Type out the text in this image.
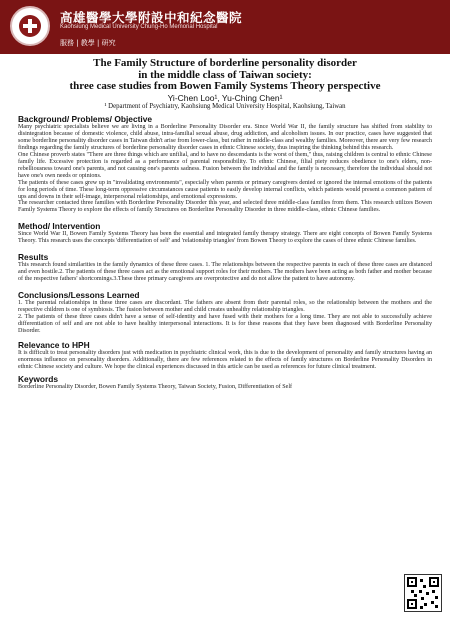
高雄醫學大學附設中和紀念醫院
Kaohsiung Medical University Chung-Ho Memorial Hospital
服務 | 教學 | 研究
The Family Structure of borderline personality disorder
in the middle class of Taiwan society:
three case studies from Bowen Family Systems Theory perspective
Yi-Chen Loo¹, Yu-Ching Chen¹
¹ Department of Psychiatry, Kaohsiung Medical University Hospital, Kaohsiung, Taiwan
Background/ Problems/ Objective

Many psychiatric specialists believe we are living in a Borderline Personality Disorder era. Since World War II, the family structure has shifted from stability to disintegration because of domestic violence, child abuse, intra-familial sexual abuse, drug addiction, and alcoholism issues. In our practice, cases have suggested that some borderline personality disorder cases in Taiwan didn't arise from lower-class, but rather in middle-class and wealthy families. Moreover, there are very few research findings regarding the family structures of borderline personality disorder cases in ethnic Chinese society, thus inspiring the thinking behind this research.

One Chinese proverb states "There are three things which are unfilial, and to have no descendants is the worst of them," thus, raising children is central to ethnic Chinese family life. Excessive protection is regarded as a performance of parental responsibility. To ethnic Chinese, filial piety reduces obedience to one's elders, non-rebelliousness toward one's parents, and not causing one's parents sadness. Fusion between the individual and the family is necessary, therefore the individual should not have one's own needs or opinions.

The patients of these cases grew up in "invalidating environments", especially when parents or primary caregivers denied or ignored the internal emotions of the patients for long periods of time. These long-term oppressive circumstances cause patients to easily develop internal conflicts, which patients would present a common pattern of ups and downs in their self-image, interpersonal relationships, and emotional expressions.

The researcher contacted three families with Borderline Personality Disorder this year, and selected three middle-class families from them. This research utilizes Bowen Family Systems Theory to explore the effects of family Structures on Borderline Personality Disorder in three middle-class, ethnic Chinese families.

Method/ Intervention

Since World War II, Bowen Family Systems Theory has been the essential and integrated family therapy strategy. There are eight concepts of Bowen Family Systems Theory. This research uses the concepts 'differentiation of self' and 'relationship triangles' from Bowen Theory to explore the cases of three ethnic Chinese families.

Results

This research found similarities in the family dynamics of these three cases. 1. The relationships between the respective parents in each of these three cases are distanced and even hostile.2. The patients of these three cases act as the emotional support roles for their mothers. The mothers have been acting as both father and mother because of the respective fathers' shortcomings.3.These three primary caregivers are overprotective and do not allow the patient to have autonomy.

Conclusions/Lessons Learned

1. The parental relationships in these three cases are discordant. The fathers are absent from their parental roles, so the relationship between the mothers and the respective children is one of symbiosis. The fusion between mother and child creates unhealthy relationship triangles.

2. The patients of these three cases didn't have a sense of self-identity and have fused with their mothers for a long time. They are not able to successfully achieve differentiation of self and are not able to have healthy interpersonal interactions. It is for these reasons that they have been diagnosed with Borderline Personality Disorder.

Relevance to HPH

It is difficult to treat personality disorders just with medication in psychiatric clinical work, this is due to the development of personality and family structures having an enormous influence on personality disorders. Additionally, there are few references related to the effects of family structures on Borderline Personality Disorders in ethnic Chinese society and culture. We hope the clinical experiences discussed in this article can be used as references for future clinical treatment.

Keywords

Borderline Personality Disorder, Bowen Family Systems Theory, Taiwan Society, Fusion, Differentiation of Self
